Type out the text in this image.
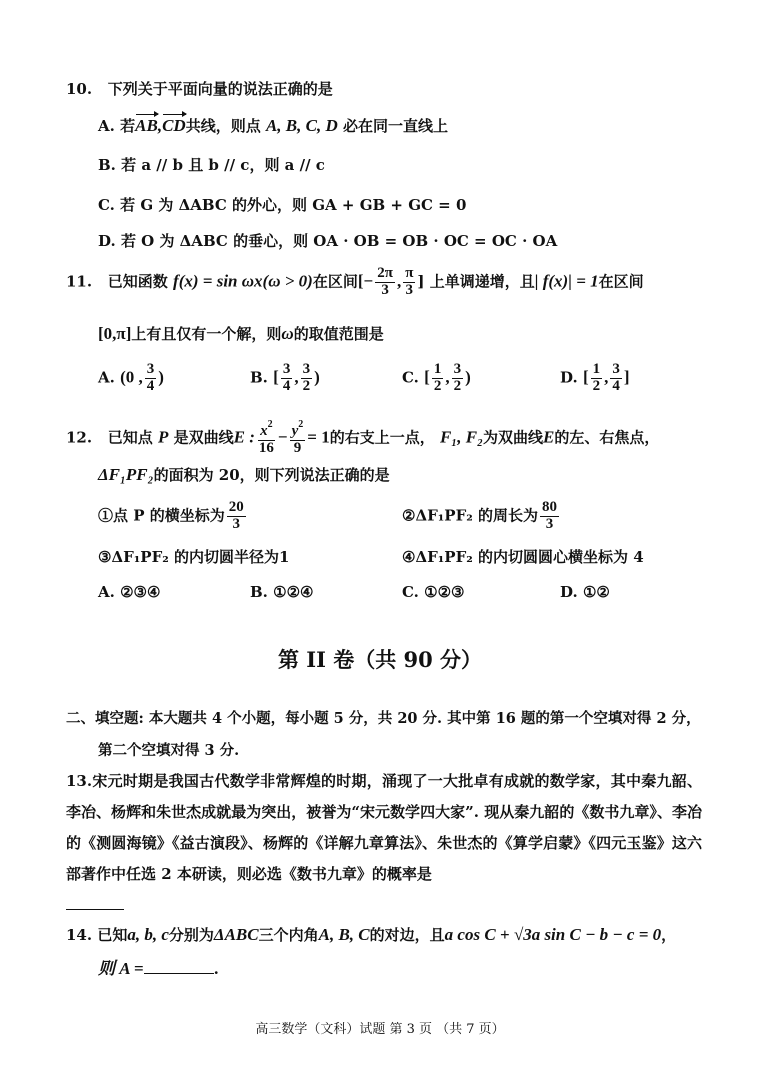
10. 下列关于平面向量的说法正确的是
A. 若AB,CD共线，则点 A, B, C, D 必在同一直线上
B. 若 a // b 且 b // c，则 a // c
C. 若 G 为 ΔABC 的外心，则 GA + GB + GC = 0
D. 若 O 为 ΔABC 的垂心，则 OA · OB = OB · OC = OC · OA
11. 已知函数 f(x) = sin ωx(ω > 0)在区间[− $\frac{2\pi}{3}$ , $\frac{\pi}{3}$ ] 上单调递增，且| f(x)| = 1在区间
[0,π]上有且仅有一个解，则ω的取值范围是
A. (0 , $\frac{3}{4}$ )	B. [ $\frac{3}{4}$ , $\frac{3}{2}$ )	C. [ $\frac{1}{2}$ , $\frac{3}{2}$ )	D. [ $\frac{1}{2}$ , $\frac{3}{4}$ ]
12. 已知点 P 是双曲线E : $\frac{x^2}{16} - \frac{y^2}{9} = 1$的右支上一点， F₁, F₂为双曲线E的左、右焦点，
ΔF₁PF₂的面积为 20，则下列说法正确的是
①点 P 的横坐标为 $\frac{20}{3}$	②ΔF₁PF₂ 的周长为 $\frac{80}{3}$
③ΔF₁PF₂ 的内切圆半径为1	④ΔF₁PF₂ 的内切圆圆心横坐标为 4
A. ②③④	B. ①②④	C. ①②③	D. ①②
第 II 卷（共 90 分）
二、填空题: 本大题共 4 个小题，每小题 5 分，共 20 分. 其中第 16 题的第一个空填对得 2 分，
第二个空填对得 3 分.
13.宋元时期是我国古代数学非常辉煌的时期，涌现了一大批卓有成就的数学家，其中秦九韶、李冶、杨辉和朱世杰成就最为突出，被誉为“宋元数学四大家”. 现从秦九韶的《数书九章》、李冶的《测圆海镜》《益古演段》、杨辉的《详解九章算法》、朱世杰的《算学启蒙》《四元玉鉴》这六部著作中任选 2 本研读，则必选《数书九章》的概率是

14. 已知a, b, c分别为ΔABC三个内角A, B, C的对边，且a cos C + √3a sin C − b − c = 0，
则 A =	.
高三数学（文科）试题 第 3 页 （共 7 页）
